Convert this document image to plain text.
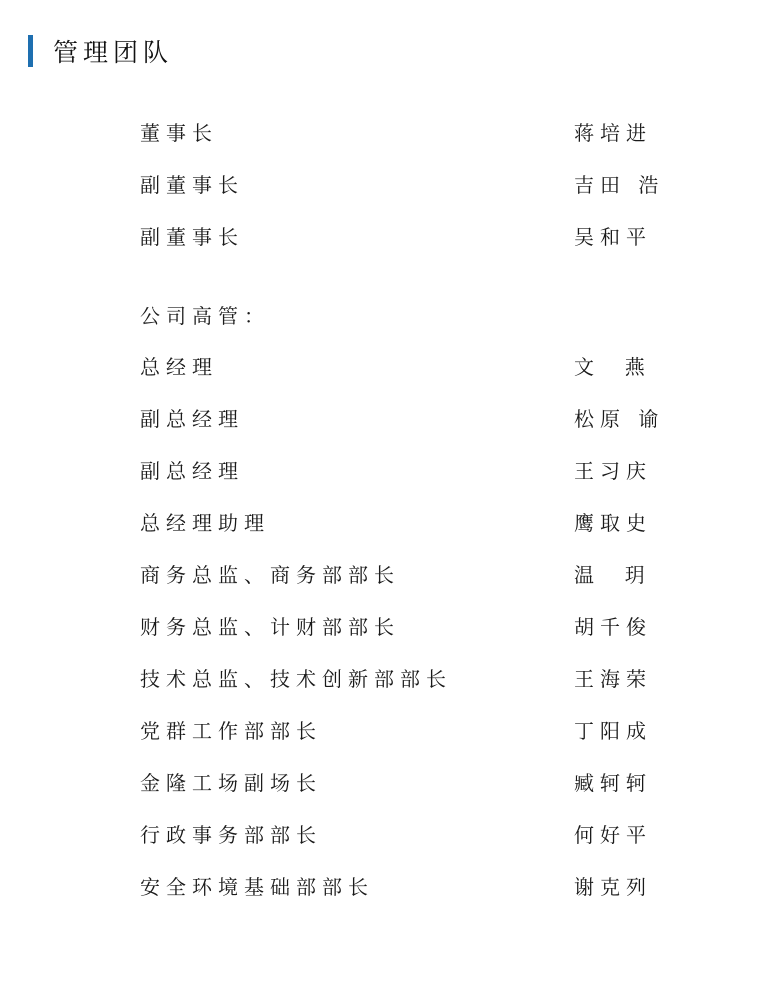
管理团队
董事长	蒋培进
副董事长	吉田 浩
副董事长	吴和平
公司高管：
总经理	文  燕
副总经理	松原 谕
副总经理	王习庆
总经理助理	鹰取史
商务总监、商务部部长	温  玥
财务总监、计财部部长	胡千俊
技术总监、技术创新部部长	王海荣
党群工作部部长	丁阳成
金隆工场副场长	臧轲轲
行政事务部部长	何好平
安全环境基础部部长	谢克列
